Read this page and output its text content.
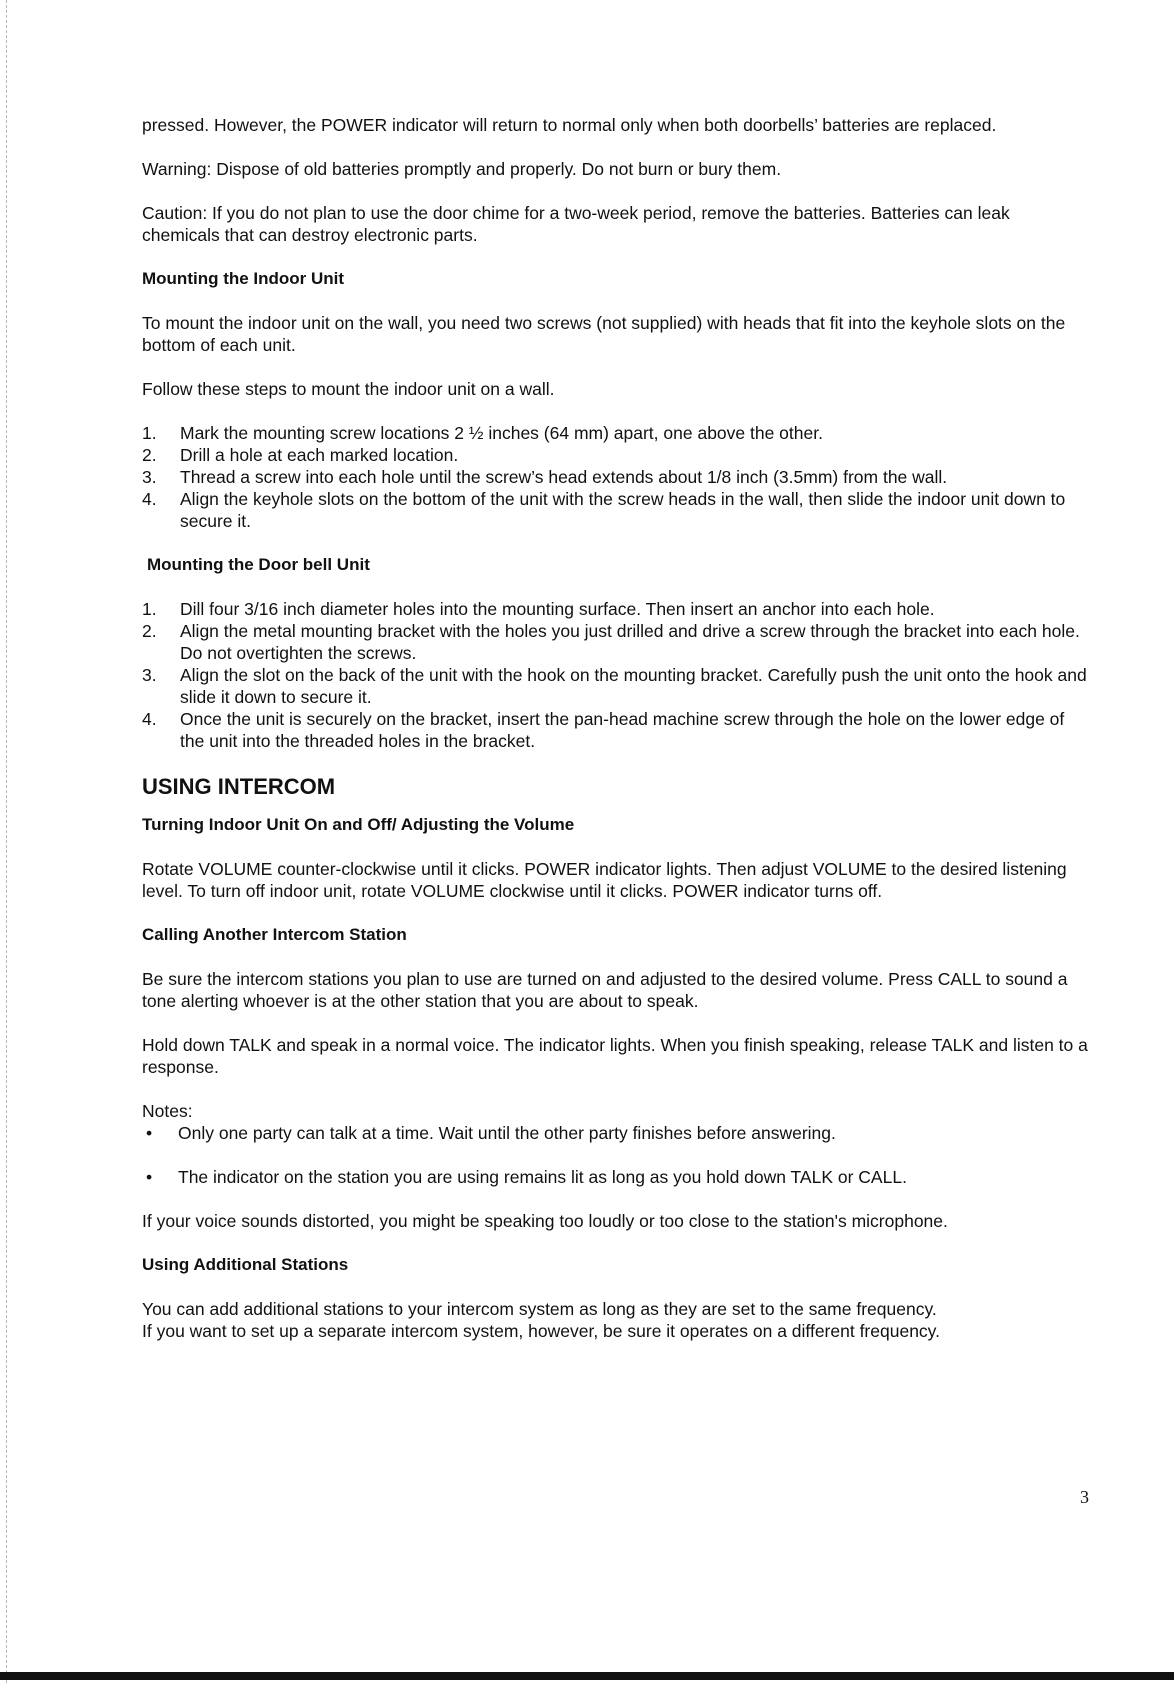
pressed. However, the POWER indicator will return to normal only when both doorbells’ batteries are replaced.

Warning: Dispose of old batteries promptly and properly. Do not burn or bury them.

Caution: If you do not plan to use the door chime for a two-week period, remove the batteries. Batteries can leak chemicals that can destroy electronic parts.

Mounting the Indoor Unit

To mount the indoor unit on the wall, you need two screws (not supplied) with heads that fit into the keyhole slots on the bottom of each unit.

Follow these steps to mount the indoor unit on a wall.

1.	Mark the mounting screw locations 2 ½ inches (64 mm) apart, one above the other.
2.	Drill a hole at each marked location.
3.	Thread a screw into each hole until the screw’s head extends about 1/8 inch (3.5mm) from the wall.
4.	Align the keyhole slots on the bottom of the unit with the screw heads in the wall, then slide the indoor unit down to secure it.
Mounting the Door bell Unit
1.	Dill four 3/16 inch diameter holes into the mounting surface. Then insert an anchor into each hole.
2.	Align the metal mounting bracket with the holes you just drilled and drive a screw through the bracket into each hole. Do not overtighten the screws.
3.	Align the slot on the back of the unit with the hook on the mounting bracket. Carefully push the unit onto the hook and slide it down to secure it.
4.	Once the unit is securely on the bracket, insert the pan-head machine screw through the hole on the lower edge of the unit into the threaded holes in the bracket.
USING INTERCOM
Turning Indoor Unit On and Off/ Adjusting the Volume

Rotate VOLUME counter-clockwise until it clicks. POWER indicator lights. Then adjust VOLUME to the desired listening level. To turn off indoor unit, rotate VOLUME clockwise until it clicks. POWER indicator turns off.

Calling Another Intercom Station

Be sure the intercom stations you plan to use are turned on and adjusted to the desired volume. Press CALL to sound a tone alerting whoever is at the other station that you are about to speak.

Hold down TALK and speak in a normal voice. The indicator lights. When you finish speaking, release TALK and listen to a response.

Notes:
• Only one party can talk at a time. Wait until the other party finishes before answering.
• The indicator on the station you are using remains lit as long as you hold down TALK or CALL.

If your voice sounds distorted, you might be speaking too loudly or too close to the station's microphone.

Using Additional Stations
You can add additional stations to your intercom system as long as they are set to the same frequency.
If you want to set up a separate intercom system, however, be sure it operates on a different frequency.
3
